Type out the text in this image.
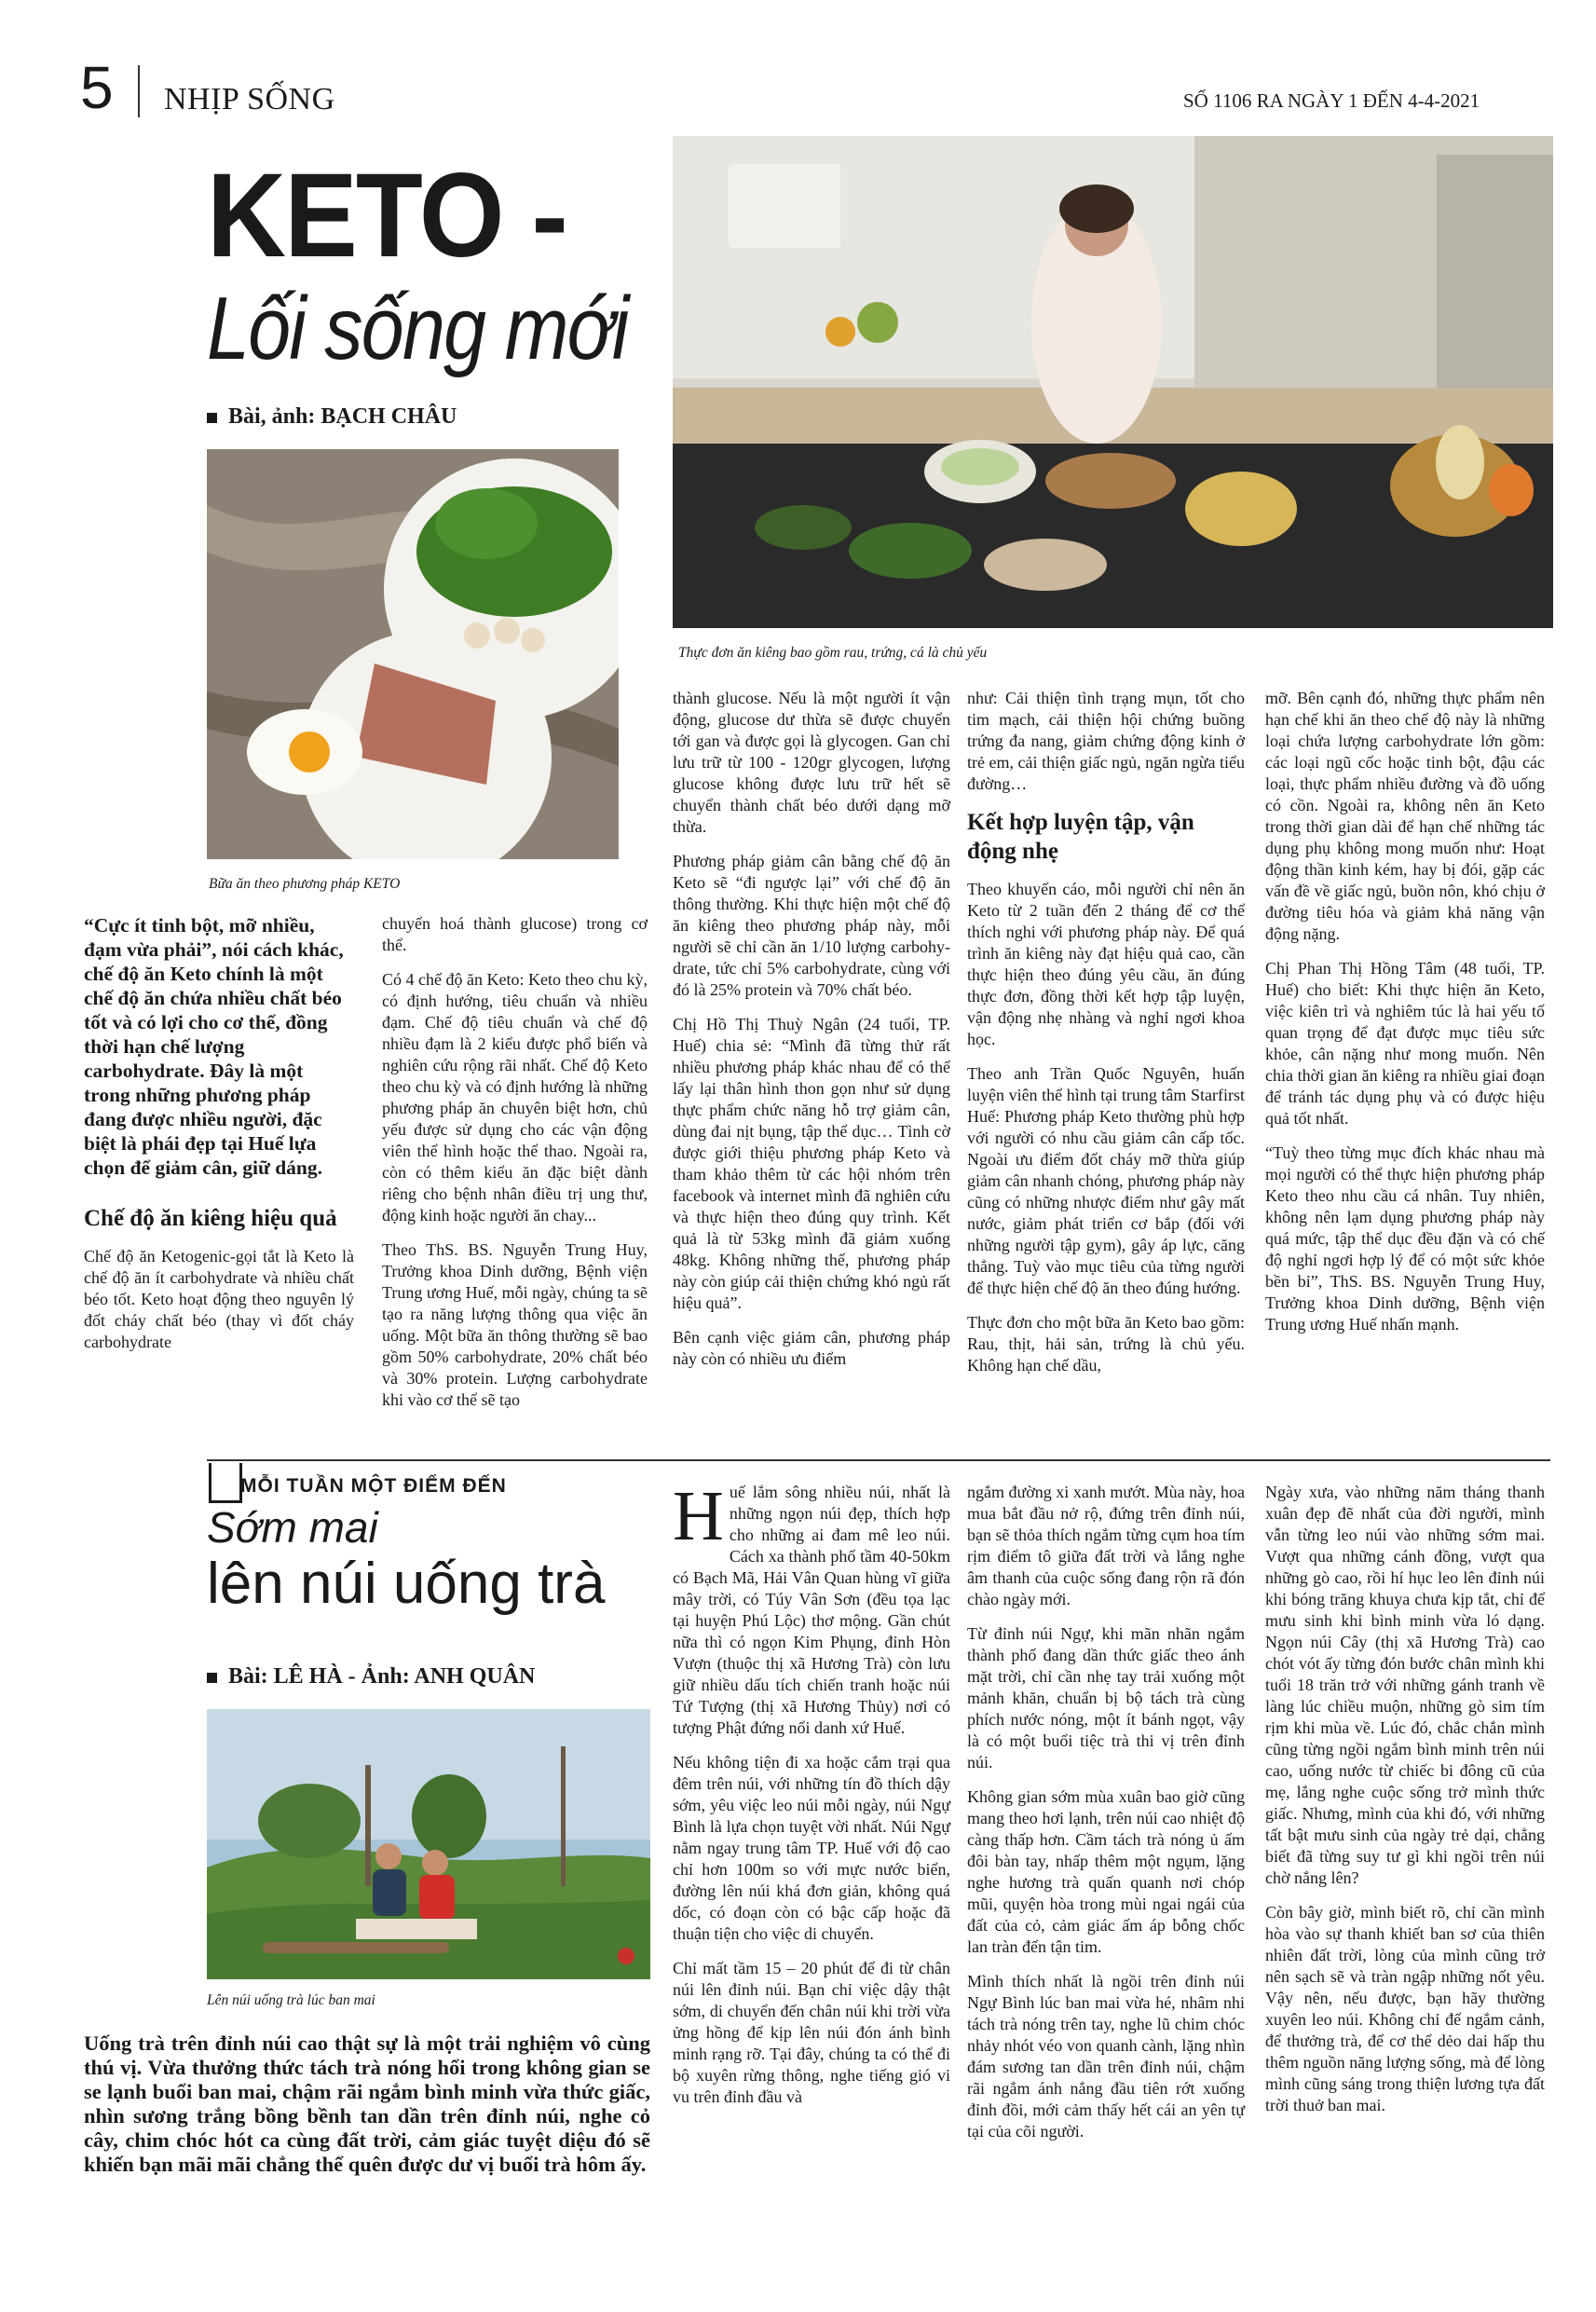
5 NHỊP SỐNG	SỐ 1106 RA NGÀY 1 ĐẾN 4-4-2021
KETO -
Lối sống mới
Bài, ảnh: BẠCH CHÂU
Thực đơn ăn kiêng bao gồm rau, trứng, cá là chủ yếu
Bữa ăn theo phương pháp KETO

“Cực ít tinh bột, mỡ nhiều, đạm vừa phải”, nói cách khác, chế độ ăn Keto chính là một chế độ ăn chứa nhiều chất béo tốt và có lợi cho cơ thể, đồng thời hạn chế lượng carbohydrate. Đây là một trong những phương pháp đang được nhiều người, đặc biệt là phái đẹp tại Huế lựa chọn để giảm cân, giữ dáng.

Chế độ ăn kiêng hiệu quả

Chế độ ăn Ketogenic-gọi tắt là Keto là chế độ ăn ít carbohydrate và nhiều chất béo tốt. Keto hoạt động theo nguyên lý đốt cháy chất béo (thay vì đốt cháy carbohydrate

chuyển hoá thành glucose) trong cơ thể.

Có 4 chế độ ăn Keto: Keto theo chu kỳ, có định hướng, tiêu chuẩn và nhiều đạm. Chế độ tiêu chuẩn và chế độ nhiều đạm là 2 kiểu được phổ biến và nghiên cứu rộng rãi nhất. Chế độ Keto theo chu kỳ và có định hướng là những phương pháp ăn chuyên biệt hơn, chủ yếu được sử dụng cho các vận động viên thể hình hoặc thể thao. Ngoài ra, còn có thêm kiểu ăn đặc biệt dành riêng cho bệnh nhân điều trị ung thư, động kinh hoặc người ăn chay...

Theo ThS. BS. Nguyễn Trung Huy, Trưởng khoa Dinh dưỡng, Bệnh viện Trung ương Huế, mỗi ngày, chúng ta sẽ tạo ra năng lượng thông qua việc ăn uống. Một bữa ăn thông thường sẽ bao gồm 50% carbohydrate, 20% chất béo và 30% protein. Lượng carbohydrate khi vào cơ thể sẽ tạo

thành glucose. Nếu là một người ít vận động, glucose dư thừa sẽ được chuyển tới gan và được gọi là glycogen. Gan chỉ lưu trữ từ 100 - 120gr glycogen, lượng glucose không được lưu trữ hết sẽ chuyển thành chất béo dưới dạng mỡ thừa.

Phương pháp giảm cân bằng chế độ ăn Keto sẽ “đi ngược lại” với chế độ ăn thông thường. Khi thực hiện một chế độ ăn kiêng theo phương pháp này, mỗi người sẽ chỉ cần ăn 1/10 lượng carbohy-drate, tức chỉ 5% carbohydrate, cùng với đó là 25% protein và 70% chất béo.

Chị Hồ Thị Thuỳ Ngân (24 tuổi, TP. Huế) chia sẻ: “Mình đã từng thử rất nhiều phương pháp khác nhau để có thể lấy lại thân hình thon gọn như sử dụng thực phẩm chức năng hỗ trợ giảm cân, dùng đai nịt bụng, tập thể dục… Tình cờ được giới thiệu phương pháp Keto và tham khảo thêm từ các hội nhóm trên facebook và internet mình đã nghiên cứu và thực hiện theo đúng quy trình. Kết quả là từ 53kg mình đã giảm xuống 48kg. Không những thế, phương pháp này còn giúp cải thiện chứng khó ngủ rất hiệu quả”.

Bên cạnh việc giảm cân, phương pháp này còn có nhiều ưu điểm

như: Cải thiện tình trạng mụn, tốt cho tim mạch, cải thiện hội chứng buồng trứng đa nang, giảm chứng động kinh ở trẻ em, cải thiện giấc ngủ, ngăn ngừa tiểu đường…

Kết hợp luyện tập, vận động nhẹ

Theo khuyến cáo, mỗi người chỉ nên ăn Keto từ 2 tuần đến 2 tháng để cơ thể thích nghi với phương pháp này. Để quá trình ăn kiêng này đạt hiệu quả cao, cần thực hiện theo đúng yêu cầu, ăn đúng thực đơn, đồng thời kết hợp tập luyện, vận động nhẹ nhàng và nghỉ ngơi khoa học.

Theo anh Trần Quốc Nguyên, huấn luyện viên thể hình tại trung tâm Starfirst Huế: Phương pháp Keto thường phù hợp với người có nhu cầu giảm cân cấp tốc. Ngoài ưu điểm đốt cháy mỡ thừa giúp giảm cân nhanh chóng, phương pháp này cũng có những nhược điểm như gây mất nước, giảm phát triển cơ bắp (đối với những người tập gym), gây áp lực, căng thẳng. Tuỳ vào mục tiêu của từng người để thực hiện chế độ ăn theo đúng hướng.

Thực đơn cho một bữa ăn Keto bao gồm: Rau, thịt, hải sản, trứng là chủ yếu. Không hạn chế dầu,

mỡ. Bên cạnh đó, những thực phẩm nên hạn chế khi ăn theo chế độ này là những loại chứa lượng carbohydrate lớn gồm: các loại ngũ cốc hoặc tinh bột, đậu các loại, thực phẩm nhiều đường và đồ uống có cồn. Ngoài ra, không nên ăn Keto trong thời gian dài để hạn chế những tác dụng phụ không mong muốn như: Hoạt động thần kinh kém, hay bị đói, gặp các vấn đề về giấc ngủ, buồn nôn, khó chịu ở đường tiêu hóa và giảm khả năng vận động nặng.

Chị Phan Thị Hồng Tâm (48 tuổi, TP. Huế) cho biết: Khi thực hiện ăn Keto, việc kiên trì và nghiêm túc là hai yếu tố quan trọng để đạt được mục tiêu sức khỏe, cân nặng như mong muốn. Nên chia thời gian ăn kiêng ra nhiều giai đoạn để tránh tác dụng phụ và có được hiệu quả tốt nhất.

“Tuỳ theo từng mục đích khác nhau mà mọi người có thể thực hiện phương pháp Keto theo nhu cầu cá nhân. Tuy nhiên, không nên lạm dụng phương pháp này quá mức, tập thể dục đều đặn và có chế độ nghỉ ngơi hợp lý để có một sức khỏe bền bỉ”, ThS. BS. Nguyễn Trung Huy, Trưởng khoa Dinh dưỡng, Bệnh viện Trung ương Huế nhấn mạnh.

MỖI TUẦN MỘT ĐIỂM ĐẾN
Sớm mai
lên núi uống trà
Bài: LÊ HÀ - Ảnh: ANH QUÂN
Lên núi uống trà lúc ban mai
Uống trà trên đỉnh núi cao thật sự là một trải nghiệm vô cùng thú vị. Vừa thưởng thức tách trà nóng hổi trong không gian se se lạnh buổi ban mai, chậm rãi ngắm bình minh vừa thức giấc, nhìn sương trắng bồng bềnh tan dần trên đỉnh núi, nghe cỏ cây, chim chóc hót ca cùng đất trời, cảm giác tuyệt diệu đó sẽ khiến bạn mãi mãi chẳng thể quên được dư vị buổi trà hôm ấy.

Huế lắm sông nhiều núi, nhất là những ngọn núi đẹp, thích hợp cho những ai đam mê leo núi. Cách xa thành phố tầm 40-50km có Bạch Mã, Hải Vân Quan hùng vĩ giữa mây trời, có Túy Vân Sơn (đều tọa lạc tại huyện Phú Lộc) thơ mộng. Gần chút nữa thì có ngọn Kim Phụng, đỉnh Hòn Vượn (thuộc thị xã Hương Trà) còn lưu giữ nhiều dấu tích chiến tranh hoặc núi Tứ Tượng (thị xã Hương Thủy) nơi có tượng Phật đứng nổi danh xứ Huế.

Nếu không tiện đi xa hoặc cắm trại qua đêm trên núi, với những tín đồ thích dậy sớm, yêu việc leo núi mỗi ngày, núi Ngự Bình là lựa chọn tuyệt vời nhất. Núi Ngự nằm ngay trung tâm TP. Huế với độ cao chỉ hơn 100m so với mực nước biển, đường lên núi khá đơn giản, không quá dốc, có đoạn còn có bậc cấp hoặc đã thuận tiện cho việc di chuyển.

Chỉ mất tầm 15 – 20 phút để đi từ chân núi lên đỉnh núi. Bạn chỉ việc dậy thật sớm, di chuyển đến chân núi khi trời vừa ửng hồng để kịp lên núi đón ánh bình minh rạng rỡ. Tại đây, chúng ta có thể đi bộ xuyên rừng thông, nghe tiếng gió vi vu trên đỉnh đầu và

ngắm đường xi xanh mướt. Mùa này, hoa mua bắt đầu nở rộ, đứng trên đỉnh núi, bạn sẽ thỏa thích ngắm từng cụm hoa tím rịm điểm tô giữa đất trời và lắng nghe âm thanh của cuộc sống đang rộn rã đón chào ngày mới.

Từ đỉnh núi Ngự, khi mãn nhãn ngắm thành phố đang dần thức giấc theo ánh mặt trời, chỉ cần nhẹ tay trải xuống một mảnh khăn, chuẩn bị bộ tách trà cùng phích nước nóng, một ít bánh ngọt, vậy là có một buổi tiệc trà thi vị trên đỉnh núi.

Không gian sớm mùa xuân bao giờ cũng mang theo hơi lạnh, trên núi cao nhiệt độ càng thấp hơn. Cầm tách trà nóng ủ ấm đôi bàn tay, nhấp thêm một ngụm, lặng nghe hương trà quấn quanh nơi chóp mũi, quyện hòa trong mùi ngai ngái của đất của cỏ, cảm giác ấm áp bỗng chốc lan tràn đến tận tim.

Mình thích nhất là ngồi trên đỉnh núi Ngự Bình lúc ban mai vừa hé, nhâm nhi tách trà nóng trên tay, nghe lũ chim chóc nhảy nhót véo von quanh cành, lặng nhìn đám sương tan dần trên đỉnh núi, chậm rãi ngắm ánh nắng đầu tiên rớt xuống đỉnh đồi, mới cảm thấy hết cái an yên tự tại của cõi người.

Ngày xưa, vào những năm tháng thanh xuân đẹp đẽ nhất của đời người, mình vẫn từng leo núi vào những sớm mai. Vượt qua những cánh đồng, vượt qua những gò cao, rồi hí hục leo lên đỉnh núi khi bóng trăng khuya chưa kịp tắt, chỉ để mưu sinh khi bình minh vừa ló dạng. Ngọn núi Cây (thị xã Hương Trà) cao chót vót ấy từng đón bước chân mình khi tuổi 18 trăn trở với những gánh tranh về làng lúc chiều muộn, những gò sim tím rịm khi mùa về. Lúc đó, chắc chắn mình cũng từng ngồi ngắm bình minh trên núi cao, uống nước từ chiếc bi đông cũ của mẹ, lắng nghe cuộc sống trở mình thức giấc. Nhưng, mình của khi đó, với những tất bật mưu sinh của ngày trẻ dại, chẳng biết đã từng suy tư gì khi ngồi trên núi chờ nắng lên?

Còn bây giờ, mình biết rõ, chỉ cần mình hòa vào sự thanh khiết ban sơ của thiên nhiên đất trời, lòng của mình cũng trở nên sạch sẽ và tràn ngập những nốt yêu. Vậy nên, nếu được, bạn hãy thường xuyên leo núi. Không chỉ để ngắm cảnh, để thưởng trà, để cơ thể dẻo dai hấp thu thêm nguồn năng lượng sống, mà để lòng mình cũng sáng trong thiện lương tựa đất trời thuở ban mai.
